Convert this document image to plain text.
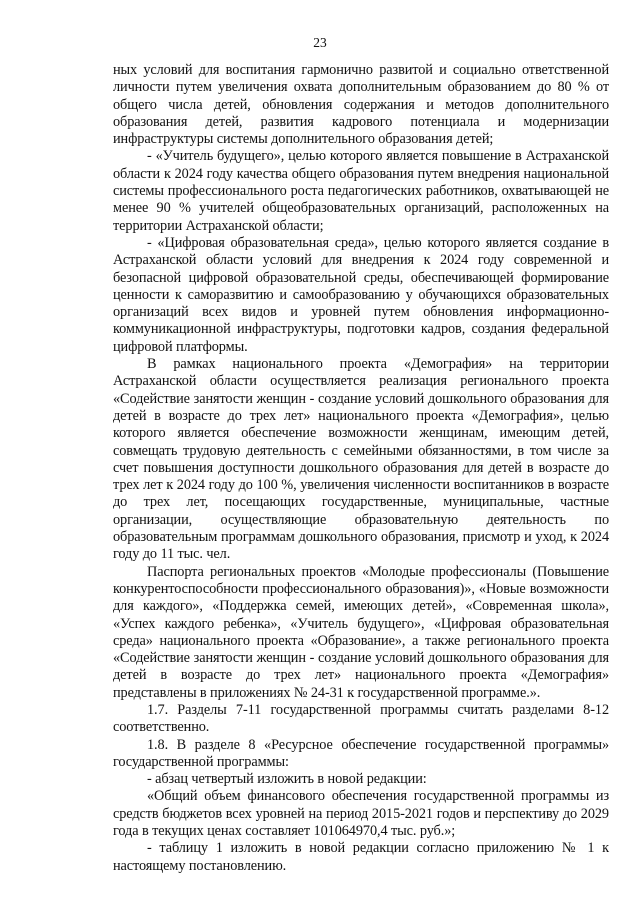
23

ных условий для воспитания гармонично развитой и социально ответственной личности путем увеличения охвата дополнительным образованием до 80 % от общего числа детей, обновления содержания и методов дополнительного образования детей, развития кадрового потенциала и модернизации инфраструктуры системы дополнительного образования детей;

- «Учитель будущего», целью которого является повышение в Астраханской области к 2024 году качества общего образования путем внедрения национальной системы профессионального роста педагогических работников, охватывающей не менее 90 % учителей общеобразовательных организаций, расположенных на территории Астраханской области;

- «Цифровая образовательная среда», целью которого является создание в Астраханской области условий для внедрения к 2024 году современной и безопасной цифровой образовательной среды, обеспечивающей формирование ценности к саморазвитию и самообразованию у обучающихся образовательных организаций всех видов и уровней путем обновления информационно-коммуникационной инфраструктуры, подготовки кадров, создания федеральной цифровой платформы.

В рамках национального проекта «Демография» на территории Астраханской области осуществляется реализация регионального проекта «Содействие занятости женщин - создание условий дошкольного образования для детей в возрасте до трех лет» национального проекта «Демография», целью которого является обеспечение возможности женщинам, имеющим детей, совмещать трудовую деятельность с семейными обязанностями, в том числе за счет повышения доступности дошкольного образования для детей в возрасте до трех лет к 2024 году до 100 %, увеличения численности воспитанников в возрасте до трех лет, посещающих государственные, муниципальные, частные организации, осуществляющие образовательную деятельность по образовательным программам дошкольного образования, присмотр и уход, к 2024 году до 11 тыс. чел.

Паспорта региональных проектов «Молодые профессионалы (Повышение конкурентоспособности профессионального образования)», «Новые возможности для каждого», «Поддержка семей, имеющих детей», «Современная школа», «Успех каждого ребенка», «Учитель будущего», «Цифровая образовательная среда» национального проекта «Образование», а также регионального проекта «Содействие занятости женщин - создание условий дошкольного образования для детей в возрасте до трех лет» национального проекта «Демография» представлены в приложениях № 24-31 к государственной программе.».

1.7. Разделы 7-11 государственной программы считать разделами 8-12 соответственно.

1.8. В разделе 8 «Ресурсное обеспечение государственной программы» государственной программы:

- абзац четвертый изложить в новой редакции:

«Общий объем финансового обеспечения государственной программы из средств бюджетов всех уровней на период 2015-2021 годов и перспективу до 2029 года в текущих ценах составляет 101064970,4 тыс. руб.»;

- таблицу 1 изложить в новой редакции согласно приложению № 1 к настоящему постановлению.
